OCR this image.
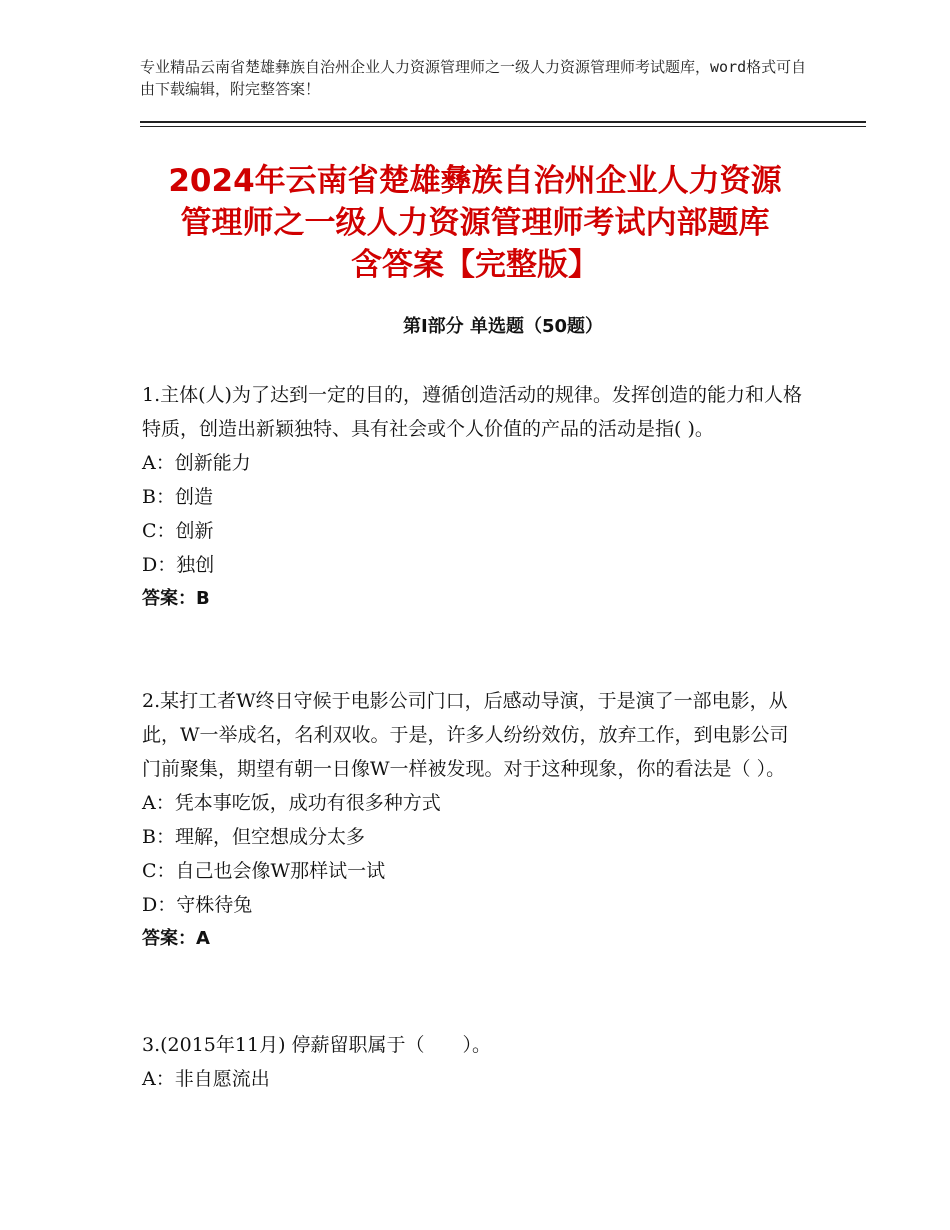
专业精品云南省楚雄彝族自治州企业人力资源管理师之一级人力资源管理师考试题库，word格式可自由下载编辑，附完整答案！
2024年云南省楚雄彝族自治州企业人力资源
管理师之一级人力资源管理师考试内部题库
含答案【完整版】
第Ⅰ部分 单选题（50题）

1.主体(人)为了达到一定的目的，遵循创造活动的规律。发挥创造的能力和人格特质，创造出新颖独特、具有社会或个人价值的产品的活动是指( )。

A：创新能力

B：创造

C：创新

D：独创

答案：B

2.某打工者W终日守候于电影公司门口，后感动导演，于是演了一部电影，从此，W一举成名，名利双收。于是，许多人纷纷效仿，放弃工作，到电影公司门前聚集，期望有朝一日像W一样被发现。对于这种现象，你的看法是（ ）。

A：凭本事吃饭，成功有很多种方式

B：理解，但空想成分太多

C：自己也会像W那样试一试

D：守株待兔

答案：A

3.(2015年11月) 停薪留职属于（　　）。

A：非自愿流出
